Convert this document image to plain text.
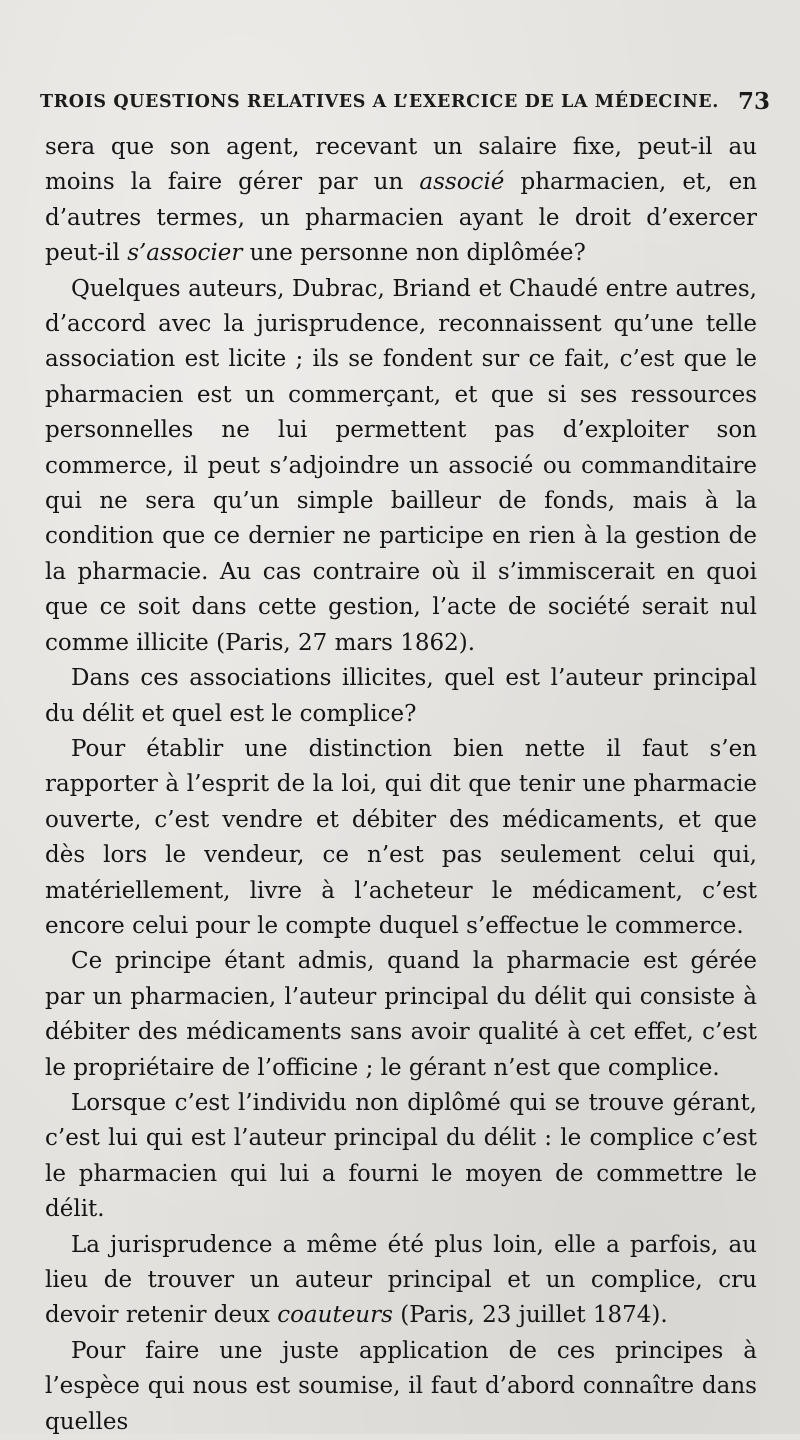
TROIS QUESTIONS RELATIVES A L’EXERCICE DE LA MÉDECINE. 73

sera que son agent, recevant un salaire fixe, peut-il au moins la faire gérer par un associé pharmacien, et, en d’autres termes, un pharmacien ayant le droit d’exercer peut-il s’associer une personne non diplômée?

Quelques auteurs, Dubrac, Briand et Chaudé entre autres, d’accord avec la jurisprudence, reconnaissent qu’une telle association est licite ; ils se fondent sur ce fait, c’est que le pharmacien est un commerçant, et que si ses ressources personnelles ne lui permettent pas d’exploiter son commerce, il peut s’adjoindre un associé ou commanditaire qui ne sera qu’un simple bailleur de fonds, mais à la condition que ce dernier ne participe en rien à la gestion de la pharmacie. Au cas contraire où il s’immiscerait en quoi que ce soit dans cette gestion, l’acte de société serait nul comme illicite (Paris, 27 mars 1862).

Dans ces associations illicites, quel est l’auteur principal du délit et quel est le complice?

Pour établir une distinction bien nette il faut s’en rapporter à l’esprit de la loi, qui dit que tenir une pharmacie ouverte, c’est vendre et débiter des médicaments, et que dès lors le vendeur, ce n’est pas seulement celui qui, matériellement, livre à l’acheteur le médicament, c’est encore celui pour le compte duquel s’effectue le commerce.

Ce principe étant admis, quand la pharmacie est gérée par un pharmacien, l’auteur principal du délit qui consiste à débiter des médicaments sans avoir qualité à cet effet, c’est le propriétaire de l’officine ; le gérant n’est que complice.

Lorsque c’est l’individu non diplômé qui se trouve gérant, c’est lui qui est l’auteur principal du délit : le complice c’est le pharmacien qui lui a fourni le moyen de commettre le délit.

La jurisprudence a même été plus loin, elle a parfois, au lieu de trouver un auteur principal et un complice, cru devoir retenir deux coauteurs (Paris, 23 juillet 1874).

Pour faire une juste application de ces principes à l’espèce qui nous est soumise, il faut d’abord connaître dans quelles
